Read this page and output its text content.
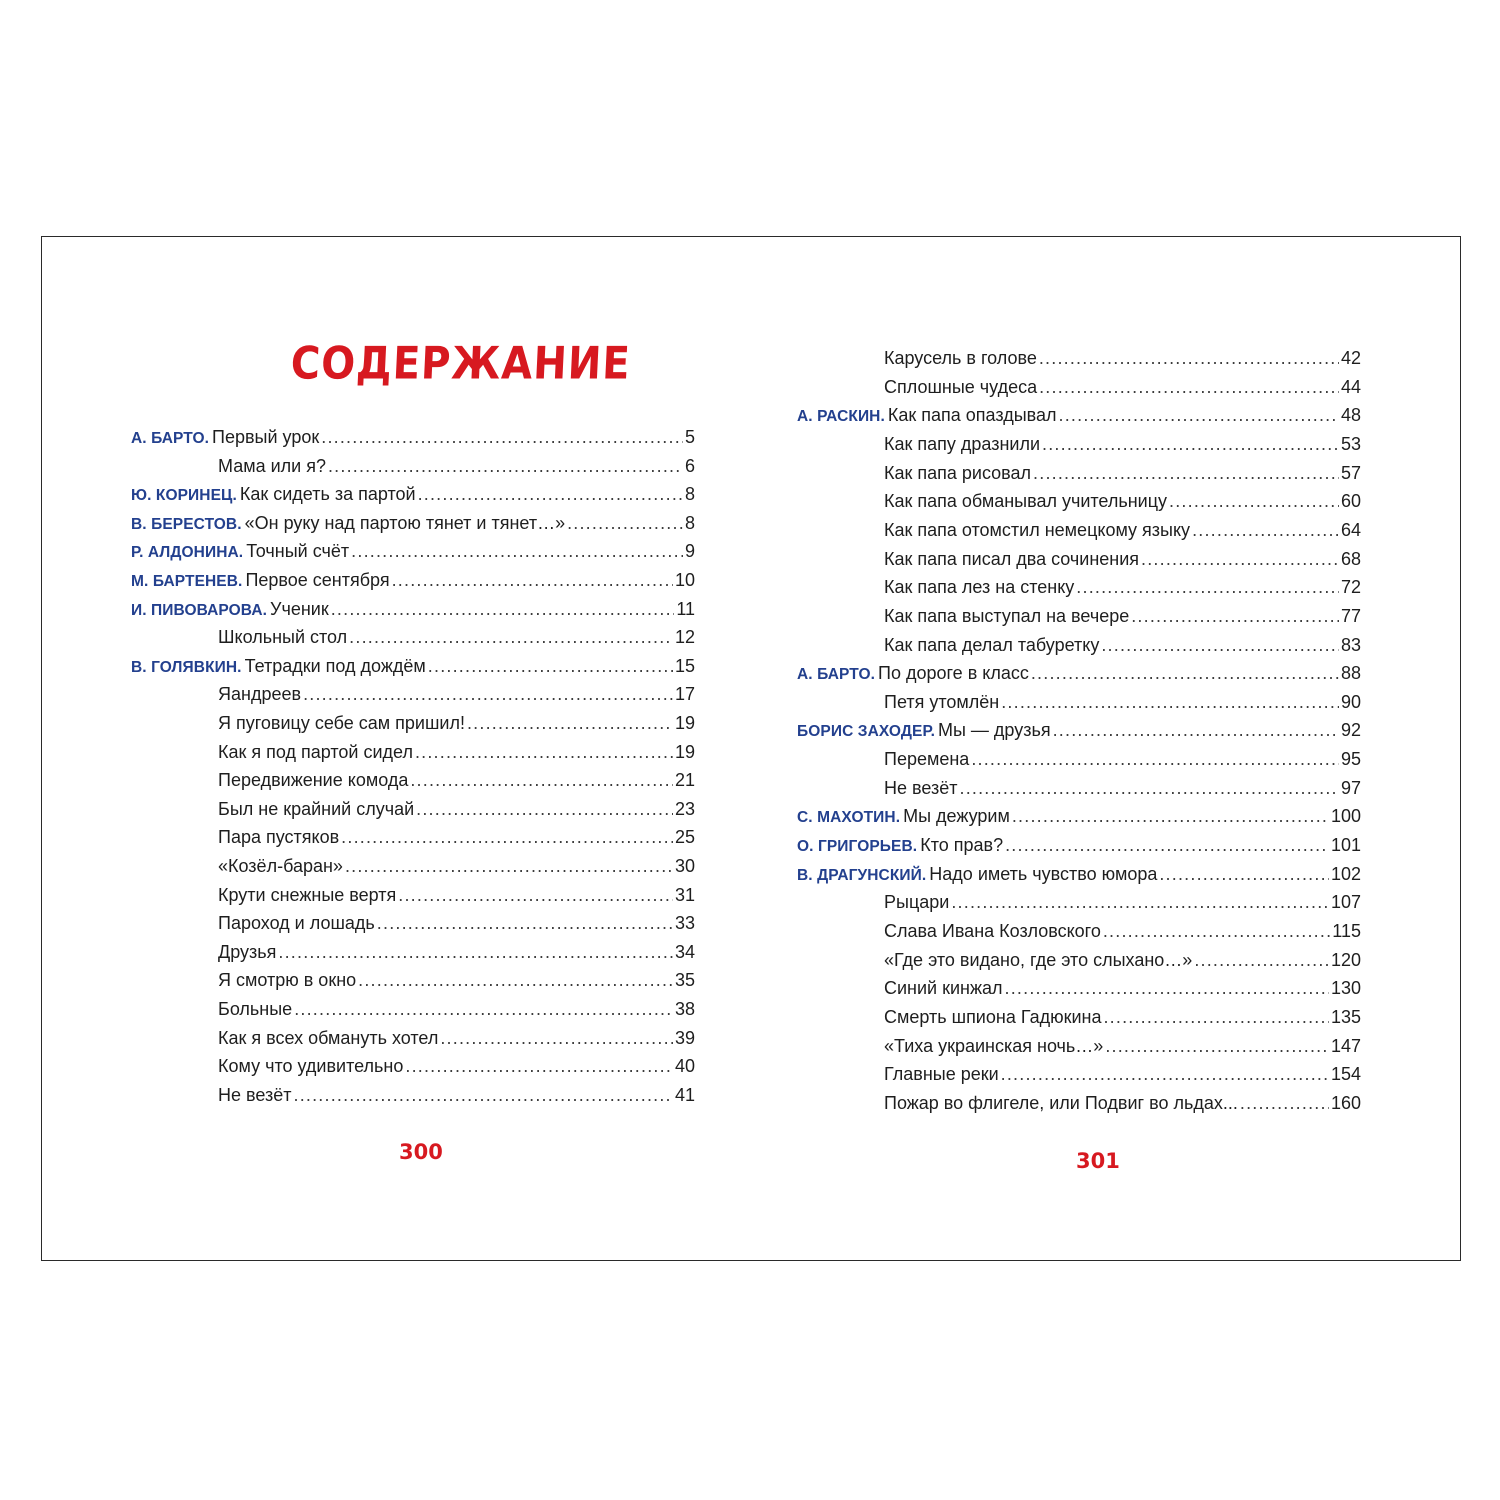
СОДЕРЖАНИЕ
А. БАРТО. Первый урок .....	5
Мама или я? .....	6
Ю. КОРИНЕЦ. Как сидеть за партой .....	8
В. БЕРЕСТОВ. «Он руку над партою тянет и тянет…» .....	8
Р. АЛДОНИНА. Точный счёт .....	9
М. БАРТЕНЕВ. Первое сентября .....	10
И. ПИВОВАРОВА. Ученик .....	11
Школьный стол .....	12
В. ГОЛЯВКИН. Тетрадки под дождём .....	15
Яандреев .....	17
Я пуговицу себе сам пришил! .....	19
Как я под партой сидел .....	19
Передвижение комода .....	21
Был не крайний случай .....	23
Пара пустяков .....	25
«Козёл-баран» .....	30
Крути снежные вертя .....	31
Пароход и лошадь .....	33
Друзья .....	34
Я смотрю в окно .....	35
Больные .....	38
Как я всех обмануть хотел .....	39
Кому что удивительно .....	40
Не везёт .....	41
Карусель в голове .....	42
Сплошные чудеса .....	44
А. РАСКИН. Как папа опаздывал .....	48
Как папу дразнили .....	53
Как папа рисовал .....	57
Как папа обманывал учительницу .....	60
Как папа отомстил немецкому языку .....	64
Как папа писал два сочинения .....	68
Как папа лез на стенку .....	72
Как папа выступал на вечере .....	77
Как папа делал табуретку .....	83
А. БАРТО. По дороге в класс .....	88
Петя утомлён .....	90
БОРИС ЗАХОДЕР. Мы — друзья .....	92
Перемена .....	95
Не везёт .....	97
С. МАХОТИН. Мы дежурим .....	100
О. ГРИГОРЬЕВ. Кто прав? .....	101
В. ДРАГУНСКИЙ. Надо иметь чувство юмора .....	102
Рыцари .....	107
Слава Ивана Козловского .....	115
«Где это видано, где это слыхано…» .....	120
Синий кинжал .....	130
Смерть шпиона Гадюкина .....	135
«Тиха украинская ночь…» .....	147
Главные реки .....	154
Пожар во флигеле, или Подвиг во льдах... .....	160

300	301
